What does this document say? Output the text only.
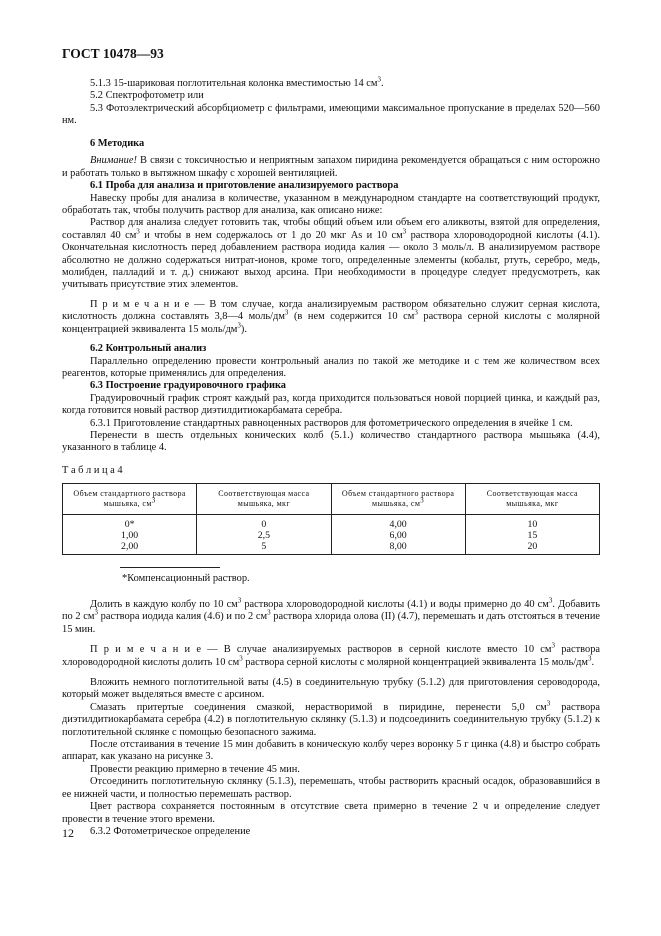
ГОСТ 10478—93

5.1.3 15-шариковая поглотительная колонка вместимостью 14 $см^3$.

5.2 Спектрофотометр или

5.3 Фотоэлектрический абсорбциометр с фильтрами, имеющими максимальное пропускание в пределах 520—560 нм.

6 Методика

Внимание! В связи с токсичностью и неприятным запахом пиридина рекомендуется обращаться с ним осторожно и работать только в вытяжном шкафу с хорошей вентиляцией.

6.1 Проба для анализа и приготовление анализируемого раствора

Навеску пробы для анализа в количестве, указанном в международном стандарте на соответствующий продукт, обработать так, чтобы получить раствор для анализа, как описано ниже:

Раствор для анализа следует готовить так, чтобы общий объем или объем его аликвоты, взятой для определения, составлял 40 $см^3$ и чтобы в нем содержалось от 1 до 20 мкг As и 10 $см^3$ раствора хлороводородной кислоты (4.1). Окончательная кислотность перед добавлением раствора иодида калия — около 3 моль/л. В анализируемом растворе абсолютно не должно содержаться нитрат-ионов, кроме того, определенные элементы (кобальт, ртуть, серебро, медь, молибден, палладий и т. д.) снижают выход арсина. При необходимости в процедуре следует предусмотреть, как учитывать присутствие этих элементов.

П р и м е ч а н и е — В том случае, когда анализируемым раствором обязательно служит серная кислота, кислотность должна составлять 3,8—4 моль/$дм^3$ (в нем содержится 10 $см^3$ раствора серной кислоты с молярной концентрацией эквивалента 15 моль/$дм^3$).

6.2 Контрольный анализ

Параллельно определению провести контрольный анализ по такой же методике и с тем же количеством всех реагентов, которые применялись для определения.

6.3 Построение градуировочного графика

Градуировочный график строят каждый раз, когда приходится пользоваться новой порцией цинка, и каждый раз, когда готовится новый раствор диэтилдитиокарбамата серебра.

6.3.1 Приготовление стандартных равноценных растворов для фотометрического определения в ячейке 1 см.

Перенести в шесть отдельных конических колб (5.1.) количество стандартного раствора мышьяка (4.4), указанного в таблице 4.

Т а б л и ц а 4

Объем стандартного раствора мышьяка, $см^3$	Соответствующая масса мышьяка, мкг	Объем стандартного раствора мышьяка, $см^3$	Соответствующая масса мышьяка, мкг
0*	0	4,00	10
1,00	2,5	6,00	15
2,00	5	8,00	20

*Компенсационный раствор.

Долить в каждую колбу по 10 $см^3$ раствора хлороводородной кислоты (4.1) и воды примерно до 40 $см^3$. Добавить по 2 $см^3$ раствора иодида калия (4.6) и по 2 $см^3$ раствора хлорида олова (II) (4.7), перемешать и дать отстояться в течение 15 мин.

П р и м е ч а н и е — В случае анализируемых растворов в серной кислоте вместо 10 $см^3$ раствора хлороводородной кислоты долить 10 $см^3$ раствора серной кислоты с молярной концентрацией эквивалента 15 моль/$дм^3$.

Вложить немного поглотительной ваты (4.5) в соединительную трубку (5.1.2) для приготовления сероводорода, который может выделяться вместе с арсином.

Смазать притертые соединения смазкой, нерастворимой в пиридине, перенести 5,0 $см^3$ раствора диэтилдитиокарбамата серебра (4.2) в поглотительную склянку (5.1.3) и подсоединить соединительную трубку (5.1.2) к поглотительной склянке с помощью безопасного зажима.

После отстаивания в течение 15 мин добавить в коническую колбу через воронку 5 г цинка (4.8) и быстро собрать аппарат, как указано на рисунке 3.

Провести реакцию примерно в течение 45 мин.

Отсоединить поглотительную склянку (5.1.3), перемешать, чтобы растворить красный осадок, образовавшийся в ее нижней части, и полностью перемешать раствор.

Цвет раствора сохраняется постоянным в отсутствие света примерно в течение 2 ч и определение следует провести в течение этого времени.

6.3.2 Фотометрическое определение

12
